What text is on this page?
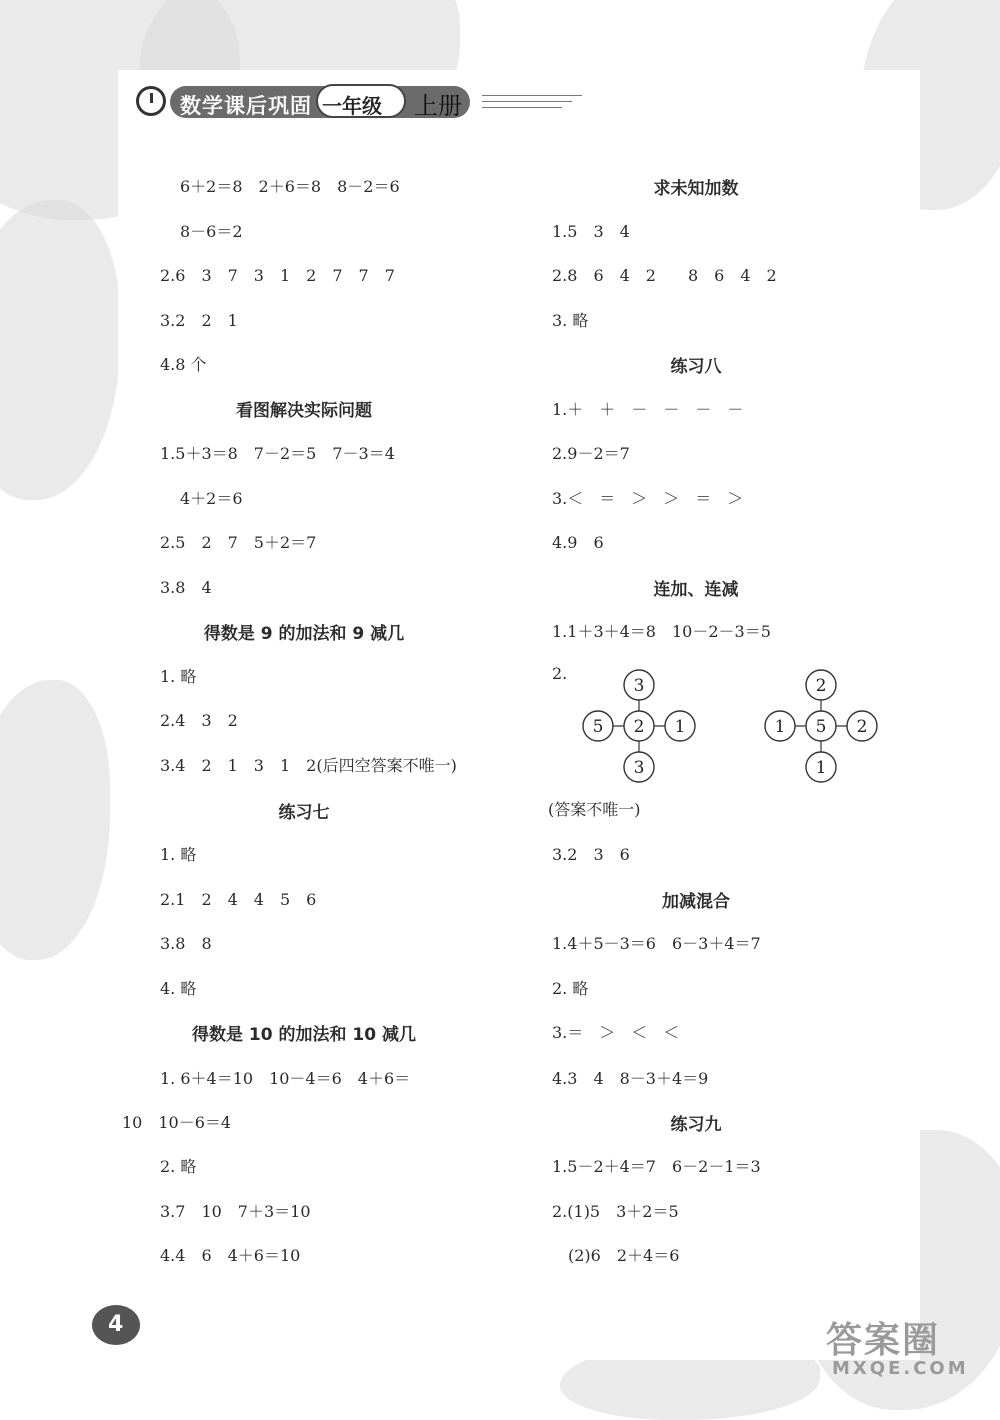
数学课后巩固 一年级 上册
6＋2＝8　2＋6＝8　8－2＝6
8－6＝2
2.6　3　7　3　1　2　7　7　7
3.2　2　1
4.8 个
看图解决实际问题
1.5＋3＝8　7－2＝5　7－3＝4
4＋2＝6
2.5　2　7　5＋2＝7
3.8　4
得数是 9 的加法和 9 减几
1. 略
2.4　3　2
3.4　2　1　3　1　2(后四空答案不唯一)
练习七
1. 略
2.1　2　4　4　5　6
3.8　8
4. 略
得数是 10 的加法和 10 减几
1. 6＋4＝10　10－4＝6　4＋6＝
10　10－6＝4
2. 略
3.7　10　7＋3＝10
4.4　6　4＋6＝10
求未知加数
1.5　3　4
2.8　6　4　2　　8　6　4　2
3. 略
练习八
1.＋　＋　－　－　－　－
2.9－2＝7
3.＜　＝　＞　＞　＝　＞
4.9　6
连加、连减
1.1＋3＋4＝8　10－2－3＝5
2.
(答案不唯一)
3.2　3　6
加减混合
1.4＋5－3＝6　6－3＋4＝7
2. 略
3.＝　＞　＜　＜
4.3　4　8－3＋4＝9
练习九
1.5－2＋4＝7　6－2－1＝3
2.(1)5　3＋2＝5
(2)6　2＋4＝6
2
3
5	1
3
5
2
1	2
1
4	答案圈
MXQE.COM
